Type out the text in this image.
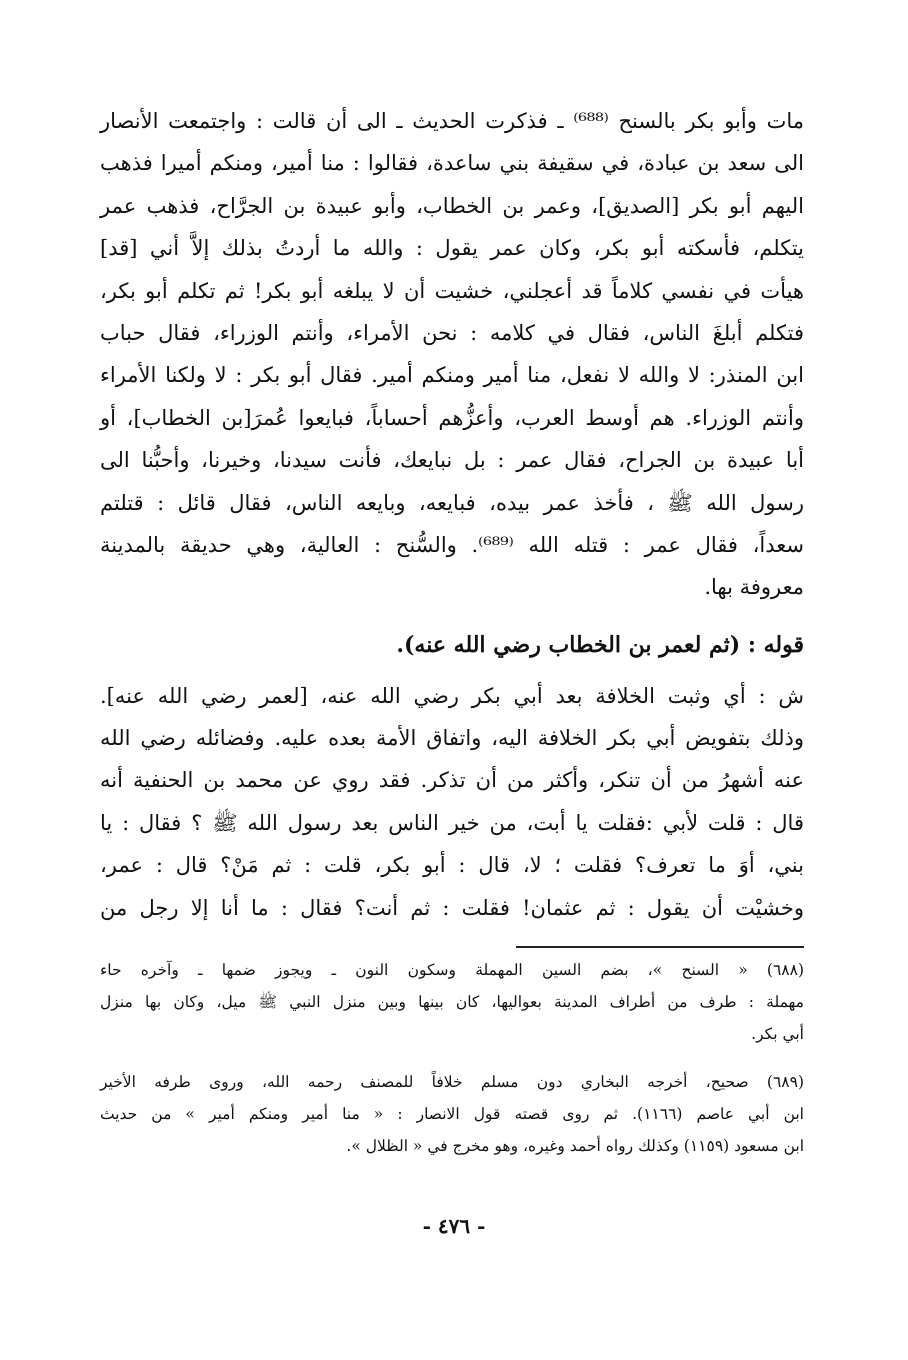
مات وأبو بكر بالسنح ⁽⁶⁸⁸⁾ ـ فذكرت الحديث ـ الى أن قالت : واجتمعت الأنصار
الى سعد بن عبادة، في سقيفة بني ساعدة، فقالوا : منا أمير، ومنكم أميرا فذهب
اليهم أبو بكر [الصديق]، وعمر بن الخطاب، وأبو عبيدة بن الجرَّاح، فذهب عمر
يتكلم، فأسكته أبو بكر، وكان عمر يقول : والله ما أردتُ بذلك إلاَّ أني [قد]
هيأت في نفسي كلاماً قد أعجلني، خشيت أن لا يبلغه أبو بكر! ثم تكلم أبو بكر،
فتكلم أبلغَ الناس، فقال في كلامه : نحن الأمراء، وأنتم الوزراء، فقال حباب
ابن المنذر: لا والله لا نفعل، منا أمير ومنكم أمير. فقال أبو بكر : لا ولكنا الأمراء
وأنتم الوزراء. هم أوسط العرب، وأعزُّهم أحساباً، فبايعوا عُمرَ[بن الخطاب]، أو
أبا عبيدة بن الجراح، فقال عمر : بل نبايعك، فأنت سيدنا، وخيرنا، وأحبُّنا الى
رسول الله ﷺ ، فأخذ عمر بيده، فبايعه، وبايعه الناس، فقال قائل : قتلتم
سعداً، فقال عمر : قتله الله ⁽⁶⁸⁹⁾. والسُّنح : العالية، وهي حديقة بالمدينة
معروفة بها.
قوله : (ثم لعمر بن الخطاب رضي الله عنه).
ش : أي وثبت الخلافة بعد أبي بكر رضي الله عنه، [لعمر رضي الله عنه].
وذلك بتفويض أبي بكر الخلافة اليه، واتفاق الأمة بعده عليه. وفضائله رضي الله
عنه أشهرُ من أن تنكر، وأكثر من أن تذكر. فقد روي عن محمد بن الحنفية أنه
قال : قلت لأبي :فقلت يا أبت، من خير الناس بعد رسول الله ﷺ ؟ فقال : يا
بني، أوَ ما تعرف؟ فقلت ؛ لا، قال : أبو بكر، قلت : ثم مَنْ؟ قال : عمر،
وخشيْت أن يقول : ثم عثمان! فقلت : ثم أنت؟ فقال : ما أنا إلا رجل من
(٦٨٨) « السنح »، بضم السين المهملة وسكون النون ـ ويجوز ضمها ـ وآخره حاء
مهملة : طرف من أطراف المدينة بعواليها، كان بينها وبين منزل النبي ﷺ ميل، وكان بها منزل
أبي بكر.
(٦٨٩) صحيح، أخرجه البخاري دون مسلم خلافاً للمصنف رحمه الله، وروى طرفه الأخير
ابن أبي عاصم (١١٦٦). ثم روى قصته قول الانصار : « منا أمير ومنكم أمير » من حديث
ابن مسعود (١١٥٩) وكذلك رواه أحمد وغيره، وهو مخرج في « الظلال ».
- ٤٧٦ -
